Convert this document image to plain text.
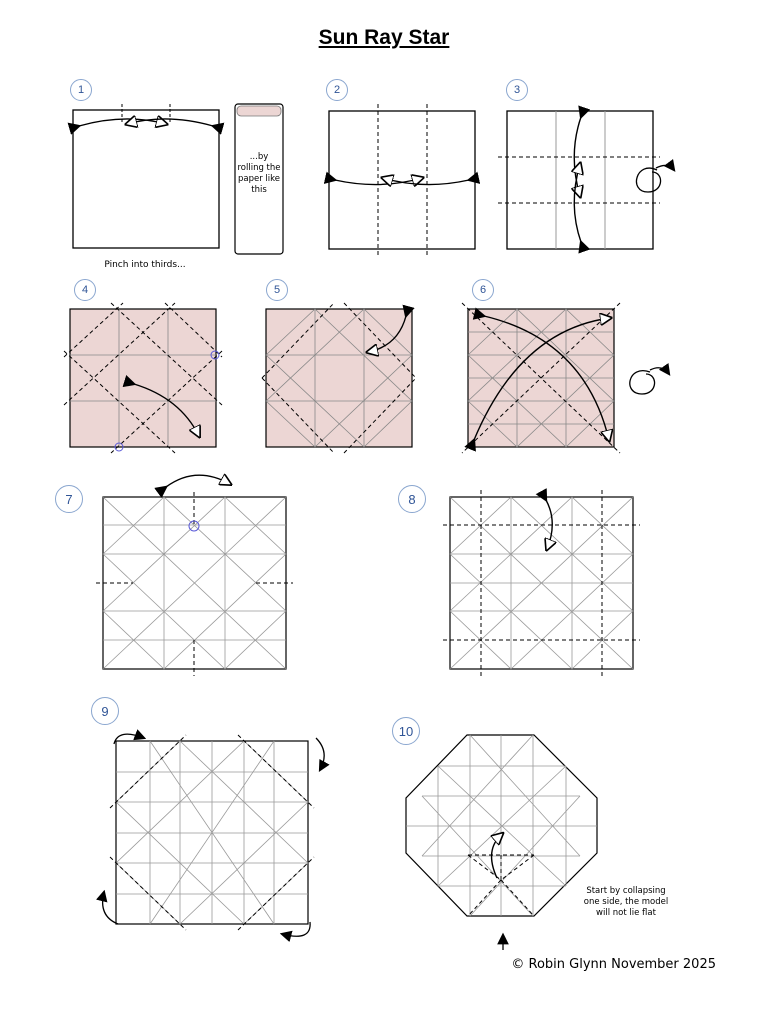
Sun Ray Star
Pinch into thirds...
...by rolling the paper like this
Start by collapsing one side, the model will not lie flat
© Robin Glynn November 2025
1	2	3
4	5	6
7	8
9
10
